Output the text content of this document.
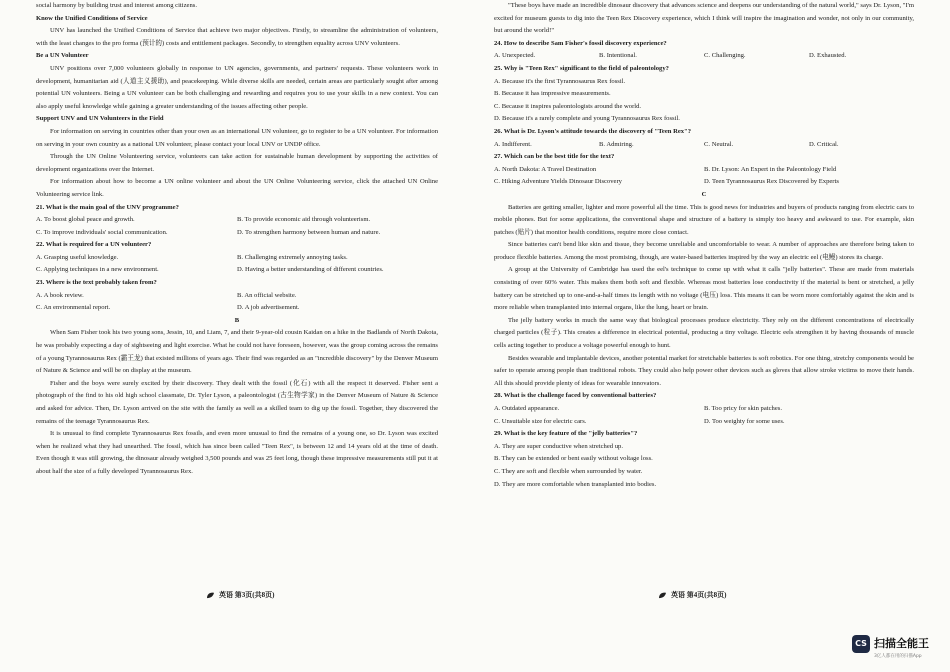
social harmony by building trust and interest among citizens.

Know the Unified Conditions of Service

UNV has launched the Unified Conditions of Service that achieve two major objectives. Firstly, to streamline the administration of volunteers, with the least changes to the pro forma (预计的) costs and entitlement packages. Secondly, to strengthen equality across UNV volunteers.

Be a UN Volunteer

UNV positions over 7,000 volunteers globally in response to UN agencies, governments, and partners' requests. These volunteers work in development, humanitarian aid (人道主义援助), and peacekeeping. While diverse skills are needed, certain areas are particularly sought after among potential UN volunteers. Being a UN volunteer can be both challenging and rewarding and requires you to use your skills in a new context. You can also apply useful knowledge while gaining a greater understanding of the issues affecting other people.

Support UNV and UN Volunteers in the Field

For information on serving in countries other than your own as an international UN volunteer, go to register to be a UN volunteer. For information on serving in your own country as a national UN volunteer, please contact your local UNV or UNDP office.

Through the UN Online Volunteering service, volunteers can take action for sustainable human development by supporting the activities of development organizations over the Internet.

For information about how to become a UN online volunteer and about the UN Online Volunteering service, click the attached UN Online Volunteering service link.

21. What is the main goal of the UNV programme?

A. To boost global peace and growth.	B. To provide economic aid through volunteerism.
C. To improve individuals' social communication.	D. To strengthen harmony between human and nature.

22. What is required for a UN volunteer?

A. Grasping useful knowledge.	B. Challenging extremely annoying tasks.
C. Applying techniques in a new environment.	D. Having a better understanding of different countries.

23. Where is the text probably taken from?

A. A book review.	B. An official website.
C. An environmental report.	D. A job advertisement.

B

When Sam Fisher took his two young sons, Jessin, 10, and Liam, 7, and their 9-year-old cousin Kaidan on a hike in the Badlands of North Dakota, he was probably expecting a day of sightseeing and light exercise. What he could not have foreseen, however, was the group coming across the remains of a young Tyrannosaurus Rex (霸王龙) that existed millions of years ago. Their find was regarded as an "incredible discovery" by the Denver Museum of Nature & Science and will be on display at the museum.

Fisher and the boys were surely excited by their discovery. They dealt with the fossil (化石) with all the respect it deserved. Fisher sent a photograph of the find to his old high school classmate, Dr. Tyler Lyson, a paleontologist (古生物学家) in the Denver Museum of Nature & Science and asked for advice. Then, Dr. Lyson arrived on the site with the family as well as a skilled team to dig up the fossil. Together, they discovered the remains of the teenage Tyrannosaurus Rex.

It is unusual to find complete Tyrannosaurus Rex fossils, and even more unusual to find the remains of a young one, so Dr. Lyson was excited when he realized what they had unearthed. The fossil, which has since been called "Teen Rex", is between 12 and 14 years old at the time of death. Even though it was still growing, the dinosaur already weighed 3,500 pounds and was 25 feet long, though these impressive measurements still put it at about half the size of a fully developed Tyrannosaurus Rex.

英语 第3页(共8页)

"These boys have made an incredible dinosaur discovery that advances science and deepens our understanding of the natural world," says Dr. Lyson, "I'm excited for museum guests to dig into the Teen Rex Discovery experience, which I think will inspire the imagination and wonder, not only in our community, but around the world!"

24. How to describe Sam Fisher's fossil discovery experience?

A. Unexpected.	B. Intentional.	C. Challenging.	D. Exhausted.

25. Why is "Teen Rex" significant to the field of paleontology?

A. Because it's the first Tyrannosaurus Rex fossil.
B. Because it has impressive measurements.
C. Because it inspires paleontologists around the world.
D. Because it's a rarely complete and young Tyrannosaurus Rex fossil.

26. What is Dr. Lyson's attitude towards the discovery of "Teen Rex"?

A. Indifferent.	B. Admiring.	C. Neutral.	D. Critical.

27. Which can be the best title for the text?

A. North Dakota: A Travel Destination	B. Dr. Lyson: An Expert in the Paleontology Field
C. Hiking Adventure Yields Dinosaur Discovery	D. Teen Tyrannosaurus Rex Discovered by Experts

C

Batteries are getting smaller, lighter and more powerful all the time. This is good news for industries and buyers of products ranging from electric cars to mobile phones. But for some applications, the conventional shape and structure of a battery is simply too heavy and awkward to use. For example, skin patches (贴片) that monitor health conditions, require more close contact.

Since batteries can't bend like skin and tissue, they become unreliable and uncomfortable to wear. A number of approaches are therefore being taken to produce flexible batteries. Among the most promising, though, are water-based batteries inspired by the way an electric eel (电鳗) stores its charge.

A group at the University of Cambridge has used the eel's technique to come up with what it calls "jelly batteries". These are made from materials consisting of over 60% water. This makes them both soft and flexible. Whereas most batteries lose conductivity if the material is bent or stretched, a jelly battery can be stretched up to one-and-a-half times its length with no voltage (电压) loss. This means it can be worn more comfortably against the skin and is more reliable when transplanted into internal organs, like the lung, heart or brain.

The jelly battery works in much the same way that biological processes produce electricity. They rely on the different concentrations of electrically charged particles (粒子). This creates a difference in electrical potential, producing a tiny voltage. Electric eels strengthen it by having thousands of muscle cells acting together to produce a voltage powerful enough to hunt.

Besides wearable and implantable devices, another potential market for stretchable batteries is soft robotics. For one thing, stretchy components would be safer to operate among people than traditional robots. They could also help power other devices such as gloves that allow stroke victims to move their hands. All this should provide plenty of ideas for wearable innovators.

28. What is the challenge faced by conventional batteries?

A. Outdated appearance.	B. Too pricy for skin patches.
C. Unsuitable size for electric cars.	D. Too weighty for some uses.

29. What is the key feature of the "jelly batteries"?

A. They are super conductive when stretched up.
B. They can be extended or bent easily without voltage loss.
C. They are soft and flexible when surrounded by water.
D. They are more comfortable when transplanted into bodies.
英语 第4页(共8页)
CS 扫描全能王
3亿人都在用的扫描App
